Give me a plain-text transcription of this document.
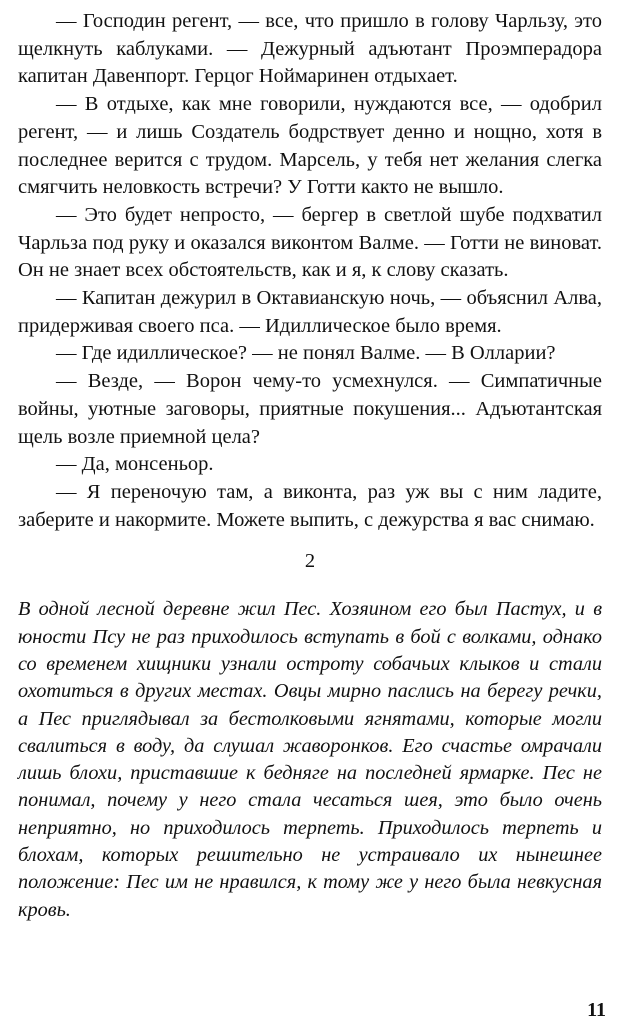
— Господин регент, — все, что пришло в голову Чарльзу, это щелкнуть каблуками. — Дежурный адъютант Проэмперадора капитан Давенпорт. Герцог Ноймаринен отдыхает.

— В отдыхе, как мне говорили, нуждаются все, — одобрил регент, — и лишь Создатель бодрствует денно и нощно, хотя в последнее верится с трудом. Марсель, у тебя нет желания слегка смягчить неловкость встречи? У Готти както не вышло.

— Это будет непросто, — бергер в светлой шубе подхватил Чарльза под руку и оказался виконтом Валме. — Готти не виноват. Он не знает всех обстоятельств, как и я, к слову сказать.

— Капитан дежурил в Октавианскую ночь, — объяснил Алва, придерживая своего пса. — Идиллическое было время.

— Где идиллическое? — не понял Валме. — В Олларии?

— Везде, — Ворон чему-то усмехнулся. — Симпатичные войны, уютные заговоры, приятные покушения... Адъютантская щель возле приемной цела?

— Да, монсеньор.

— Я переночую там, а виконта, раз уж вы с ним ладите, заберите и накормите. Можете выпить, с дежурства я вас снимаю.

2

В одной лесной деревне жил Пес. Хозяином его был Пастух, и в юности Псу не раз приходилось вступать в бой с волками, однако со временем хищники узнали остроту собачьих клыков и стали охотиться в других местах. Овцы мирно паслись на берегу речки, а Пес приглядывал за бестолковыми ягнятами, которые могли свалиться в воду, да слушал жаворонков. Его счастье омрачали лишь блохи, приставшие к бедняге на последней ярмарке. Пес не понимал, почему у него стала чесаться шея, это было очень неприятно, но приходилось терпеть. Приходилось терпеть и блохам, которых решительно не устраивало их нынешнее положение: Пес им не нравился, к тому же у него была невкусная кровь.

11
